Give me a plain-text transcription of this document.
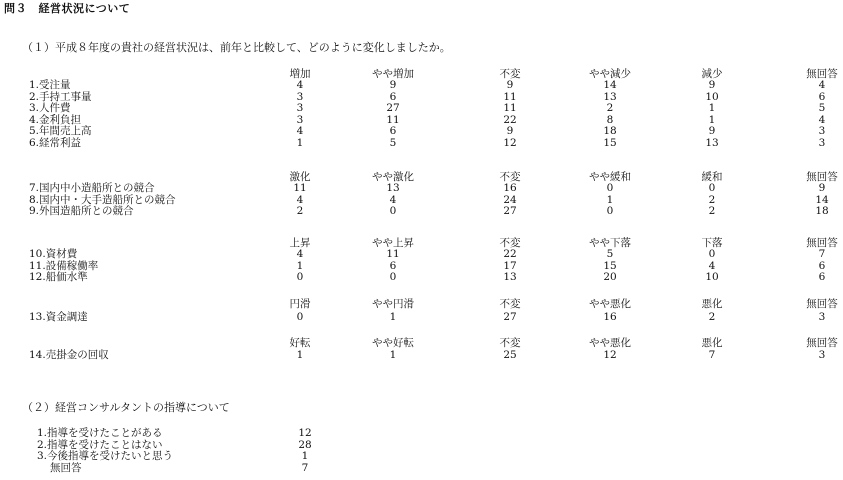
問３　経営状況について
（１）平成８年度の貴社の経営状況は、前年と比較して、どのように変化しましたか。
増加	やや増加	不変	やや減少	減少	無回答
1.受注量	4	9	9	14	9	4
2.手持工事量	3	6	11	13	10	6
3.人件費	3	27	11	2	1	5
4.金利負担	3	11	22	8	1	4
5.年間売上高	4	6	9	18	9	3
6.経常利益	1	5	12	15	13	3
激化	やや激化	不変	やや緩和	緩和	無回答
7.国内中小造船所との競合	11	13	16	0	0	9
8.国内中・大手造船所との競合	4	4	24	1	2	14
9.外国造船所との競合	2	0	27	0	2	18
上昇	やや上昇	不変	やや下落	下落	無回答
10.資材費	4	11	22	5	0	7
11.設備稼働率	1	6	17	15	4	6
12.船価水準	0	0	13	20	10	6
円滑	やや円滑	不変	やや悪化	悪化	無回答
13.資金調達	0	1	27	16	2	3
好転	やや好転	不変	やや悪化	悪化	無回答
14.売掛金の回収	1	1	25	12	7	3
（２）経営コンサルタントの指導について
1.指導を受けたことがある	12
2.指導を受けたことはない	28
3.今後指導を受けたいと思う	1
無回答	7
